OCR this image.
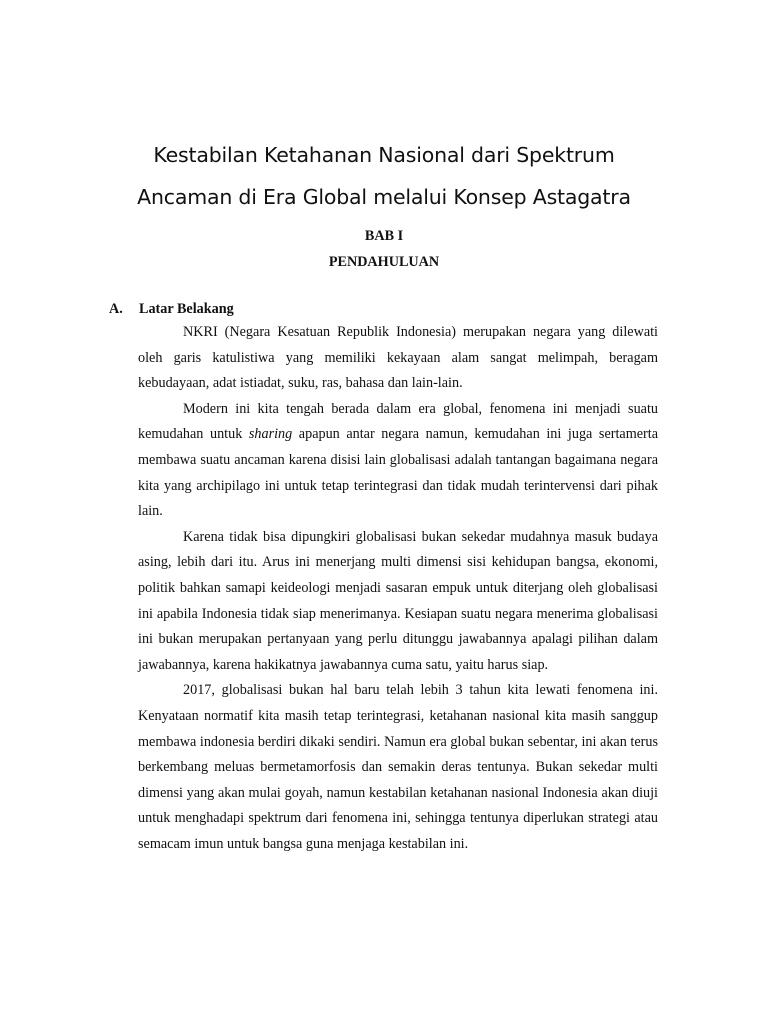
Kestabilan Ketahanan Nasional dari Spektrum
Ancaman di Era Global melalui Konsep Astagatra
BAB I
PENDAHULUAN
A. Latar Belakang

NKRI (Negara Kesatuan Republik Indonesia) merupakan negara yang dilewati oleh garis katulistiwa yang memiliki kekayaan alam sangat melimpah, beragam kebudayaan, adat istiadat, suku, ras, bahasa dan lain-lain.

Modern ini kita tengah berada dalam era global, fenomena ini menjadi suatu kemudahan untuk sharing apapun antar negara namun, kemudahan ini juga sertamerta membawa suatu ancaman karena disisi lain globalisasi adalah tantangan bagaimana negara kita yang archipilago ini untuk tetap terintegrasi dan tidak mudah terintervensi dari pihak lain.

Karena tidak bisa dipungkiri globalisasi bukan sekedar mudahnya masuk budaya asing, lebih dari itu. Arus ini menerjang multi dimensi sisi kehidupan bangsa, ekonomi, politik bahkan samapi keideologi menjadi sasaran empuk untuk diterjang oleh globalisasi ini apabila Indonesia tidak siap menerimanya. Kesiapan suatu negara menerima globalisasi ini bukan merupakan pertanyaan yang perlu ditunggu jawabannya apalagi pilihan dalam jawabannya, karena hakikatnya jawabannya cuma satu, yaitu harus siap.

2017, globalisasi bukan hal baru telah lebih 3 tahun kita lewati fenomena ini. Kenyataan normatif kita masih tetap terintegrasi, ketahanan nasional kita masih sanggup membawa indonesia berdiri dikaki sendiri. Namun era global bukan sebentar, ini akan terus berkembang meluas bermetamorfosis dan semakin deras tentunya. Bukan sekedar multi dimensi yang akan mulai goyah, namun kestabilan ketahanan nasional Indonesia akan diuji untuk menghadapi spektrum dari fenomena ini, sehingga tentunya diperlukan strategi atau semacam imun untuk bangsa guna menjaga kestabilan ini.
